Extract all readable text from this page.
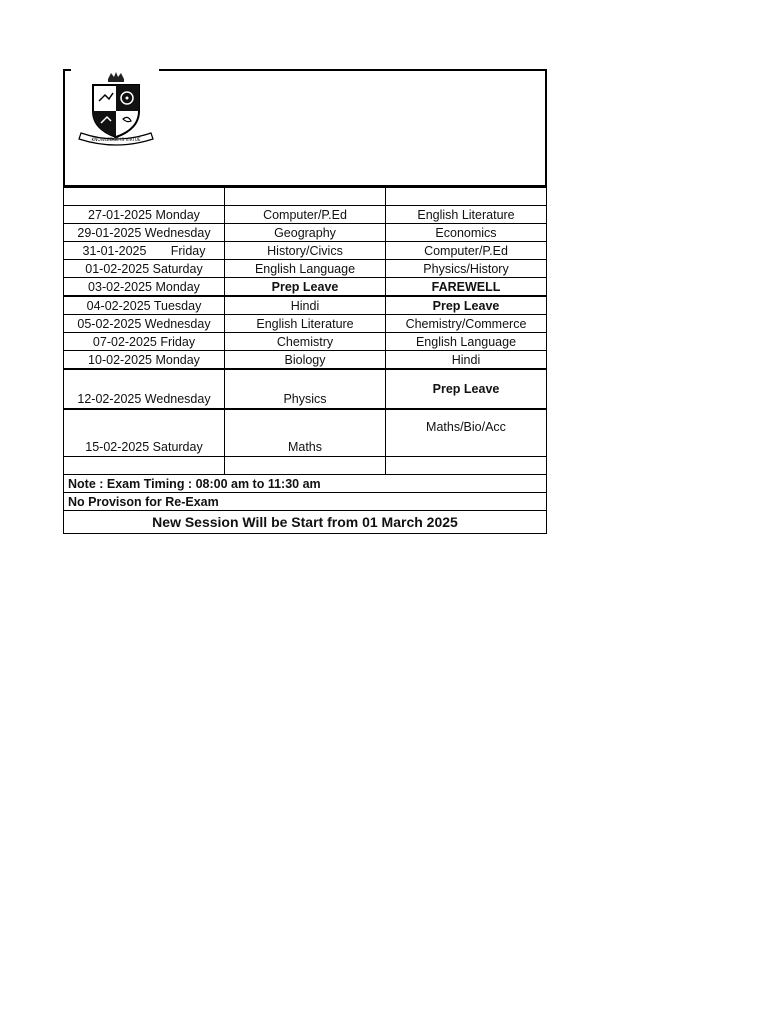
KNOWLEDGE IS VIRTUE

27-01-2025 Monday	Computer/P.Ed	English Literature
29-01-2025 Wednesday	Geography	Economics
31-01-2025       Friday	History/Civics	Computer/P.Ed
01-02-2025 Saturday	English Language	Physics/History
03-02-2025 Monday	Prep Leave	FAREWELL
04-02-2025 Tuesday	Hindi	Prep Leave
05-02-2025 Wednesday	English Literature	Chemistry/Commerce
07-02-2025 Friday	Chemistry	English Language
10-02-2025 Monday	Biology	Hindi
12-02-2025 Wednesday	Physics	Prep Leave
15-02-2025 Saturday	Maths	Maths/Bio/Acc

Note : Exam Timing : 08:00 am to 11:30 am		
No Provison for Re-Exam		
New Session Will be Start from 01 March 2025		
